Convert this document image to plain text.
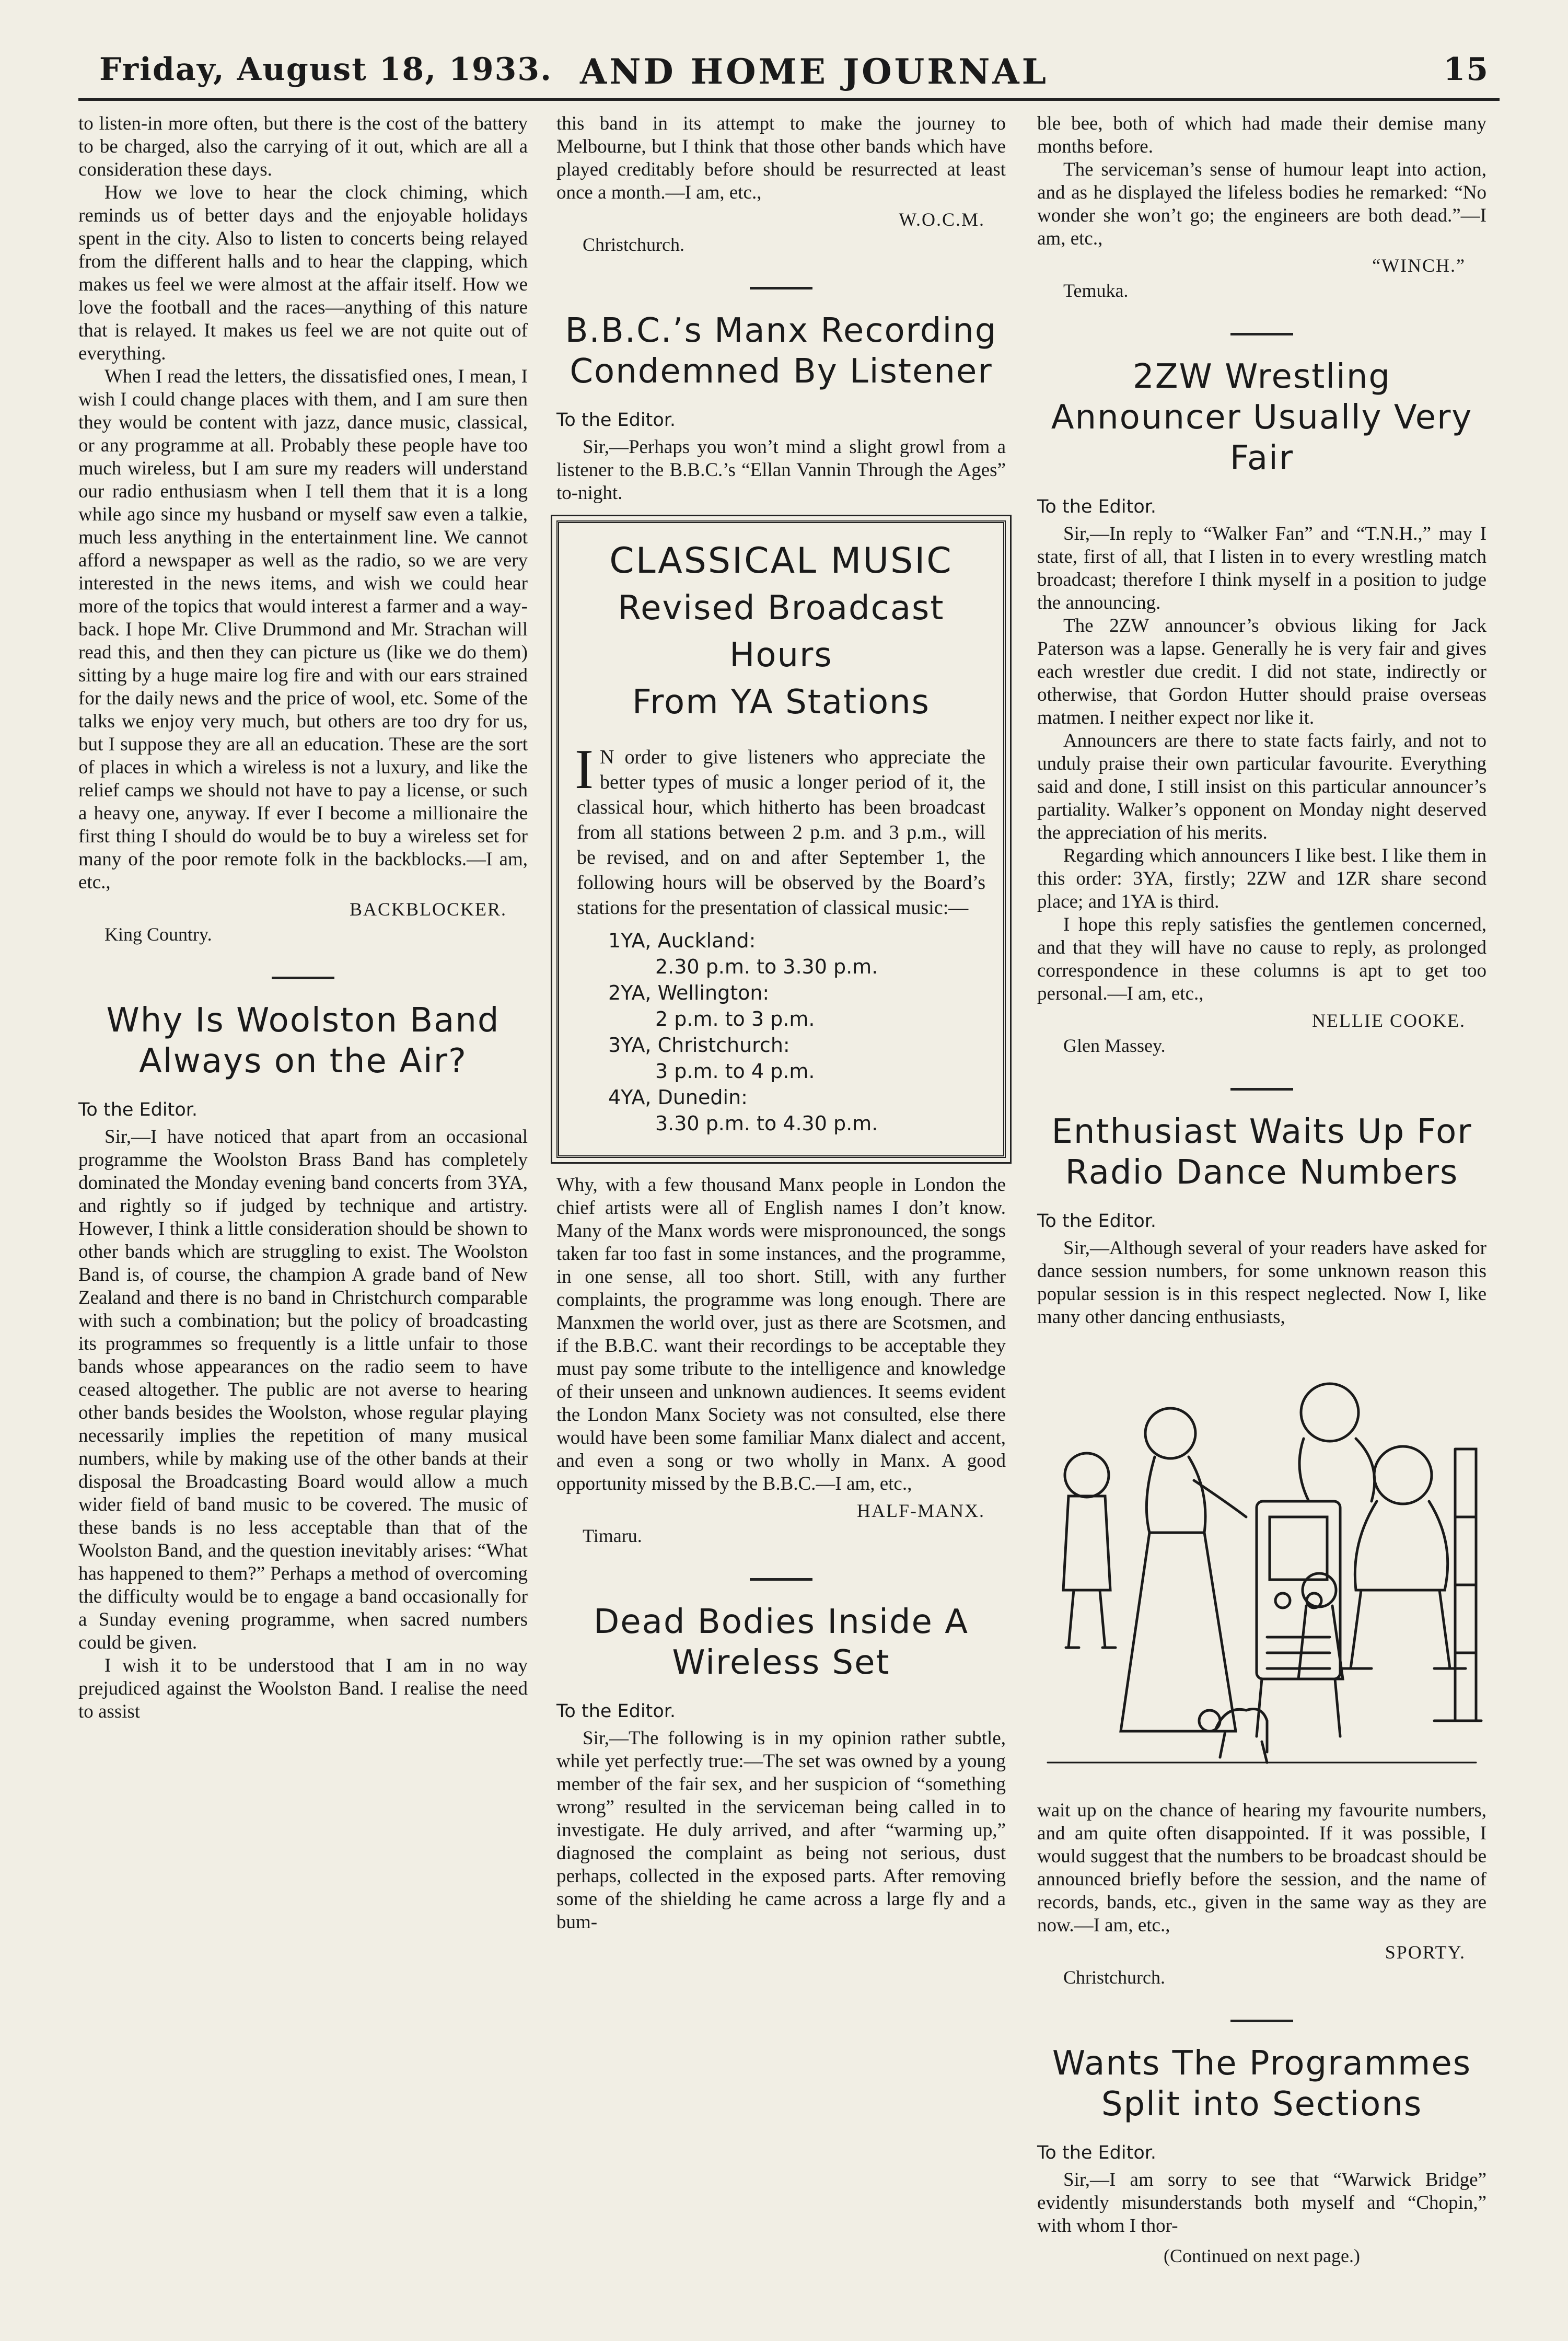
Friday, August 18, 1933. AND HOME JOURNAL	15

to listen-in more often, but there is the cost of the battery to be charged, also the carrying of it out, which are all a consideration these days.

How we love to hear the clock chiming, which reminds us of better days and the enjoyable holidays spent in the city. Also to listen to concerts being relayed from the different halls and to hear the clapping, which makes us feel we were almost at the affair itself. How we love the football and the races—anything of this nature that is relayed. It makes us feel we are not quite out of everything.

When I read the letters, the dissatisfied ones, I mean, I wish I could change places with them, and I am sure then they would be content with jazz, dance music, classical, or any programme at all. Probably these people have too much wireless, but I am sure my readers will understand our radio enthusiasm when I tell them that it is a long while ago since my husband or myself saw even a talkie, much less anything in the entertainment line. We cannot afford a newspaper as well as the radio, so we are very interested in the news items, and wish we could hear more of the topics that would interest a farmer and a way-back. I hope Mr. Clive Drummond and Mr. Strachan will read this, and then they can picture us (like we do them) sitting by a huge maire log fire and with our ears strained for the daily news and the price of wool, etc. Some of the talks we enjoy very much, but others are too dry for us, but I suppose they are all an education. These are the sort of places in which a wireless is not a luxury, and like the relief camps we should not have to pay a license, or such a heavy one, anyway. If ever I become a millionaire the first thing I should do would be to buy a wireless set for many of the poor remote folk in the backblocks.—I am, etc.,

BACKBLOCKER.
King Country.
Why Is Woolston Band Always on the Air?
To the Editor.

Sir,—I have noticed that apart from an occasional programme the Woolston Brass Band has completely dominated the Monday evening band concerts from 3YA, and rightly so if judged by technique and artistry. However, I think a little consideration should be shown to other bands which are struggling to exist. The Woolston Band is, of course, the champion A grade band of New Zealand and there is no band in Christchurch comparable with such a combination; but the policy of broadcasting its programmes so frequently is a little unfair to those bands whose appearances on the radio seem to have ceased altogether. The public are not averse to hearing other bands besides the Woolston, whose regular playing necessarily implies the repetition of many musical numbers, while by making use of the other bands at their disposal the Broadcasting Board would allow a much wider field of band music to be covered. The music of these bands is no less acceptable than that of the Woolston Band, and the question inevitably arises: “What has happened to them?” Perhaps a method of overcoming the difficulty would be to engage a band occasionally for a Sunday evening programme, when sacred numbers could be given.

I wish it to be understood that I am in no way prejudiced against the Woolston Band. I realise the need to assist

this band in its attempt to make the journey to Melbourne, but I think that those other bands which have played creditably before should be resurrected at least once a month.—I am, etc.,

W.O.C.M.
Christchurch.
B.B.C.’s Manx Recording Condemned By Listener
To the Editor.

Sir,—Perhaps you won’t mind a slight growl from a listener to the B.B.C.’s “Ellan Vannin Through the Ages” to-night.

CLASSICAL MUSIC
Revised Broadcast Hours
From YA Stations
I N order to give listeners who appreciate the better types of music a longer period of it, the classical hour, which hitherto has been broadcast from all stations between 2 p.m. and 3 p.m., will be revised, and on and after September 1, the following hours will be observed by the Board’s stations for the presentation of classical music:—
1YA, Auckland:
2.30 p.m. to 3.30 p.m.
2YA, Wellington:
2 p.m. to 3 p.m.
3YA, Christchurch:
3 p.m. to 4 p.m.
4YA, Dunedin:
3.30 p.m. to 4.30 p.m.

Why, with a few thousand Manx people in London the chief artists were all of English names I don’t know. Many of the Manx words were mispronounced, the songs taken far too fast in some instances, and the programme, in one sense, all too short. Still, with any further complaints, the programme was long enough. There are Manxmen the world over, just as there are Scotsmen, and if the B.B.C. want their recordings to be acceptable they must pay some tribute to the intelligence and knowledge of their unseen and unknown audiences. It seems evident the London Manx Society was not consulted, else there would have been some familiar Manx dialect and accent, and even a song or two wholly in Manx. A good opportunity missed by the B.B.C.—I am, etc.,

HALF-MANX.
Timaru.
Dead Bodies Inside A Wireless Set
To the Editor.

Sir,—The following is in my opinion rather subtle, while yet perfectly true:—The set was owned by a young member of the fair sex, and her suspicion of “something wrong” resulted in the serviceman being called in to investigate. He duly arrived, and after “warming up,” diagnosed the complaint as being not serious, dust perhaps, collected in the exposed parts. After removing some of the shielding he came across a large fly and a bum-

ble bee, both of which had made their demise many months before.

The serviceman’s sense of humour leapt into action, and as he displayed the lifeless bodies he remarked: “No wonder she won’t go; the engineers are both dead.”—I am, etc.,

“WINCH.”
Temuka.
2ZW Wrestling Announcer Usually Very Fair
To the Editor.

Sir,—In reply to “Walker Fan” and “T.N.H.,” may I state, first of all, that I listen in to every wrestling match broadcast; therefore I think myself in a position to judge the announcing.

The 2ZW announcer’s obvious liking for Jack Paterson was a lapse. Generally he is very fair and gives each wrestler due credit. I did not state, indirectly or otherwise, that Gordon Hutter should praise overseas matmen. I neither expect nor like it.

Announcers are there to state facts fairly, and not to unduly praise their own particular favourite. Everything said and done, I still insist on this particular announcer’s partiality. Walker’s opponent on Monday night deserved the appreciation of his merits.

Regarding which announcers I like best. I like them in this order: 3YA, firstly; 2ZW and 1ZR share second place; and 1YA is third.

I hope this reply satisfies the gentlemen concerned, and that they will have no cause to reply, as prolonged correspondence in these columns is apt to get too personal.—I am, etc.,

NELLIE COOKE.
Glen Massey.
Enthusiast Waits Up For Radio Dance Numbers
To the Editor.

Sir,—Although several of your readers have asked for dance session numbers, for some unknown reason this popular session is in this respect neglected. Now I, like many other dancing enthusiasts,

wait up on the chance of hearing my favourite numbers, and am quite often disappointed. If it was possible, I would suggest that the numbers to be broadcast should be announced briefly before the session, and the name of records, bands, etc., given in the same way as they are now.—I am, etc.,

SPORTY.
Christchurch.
Wants The Programmes Split into Sections
To the Editor.

Sir,—I am sorry to see that “Warwick Bridge” evidently misunderstands both myself and “Chopin,” with whom I thor-

(Continued on next page.)
